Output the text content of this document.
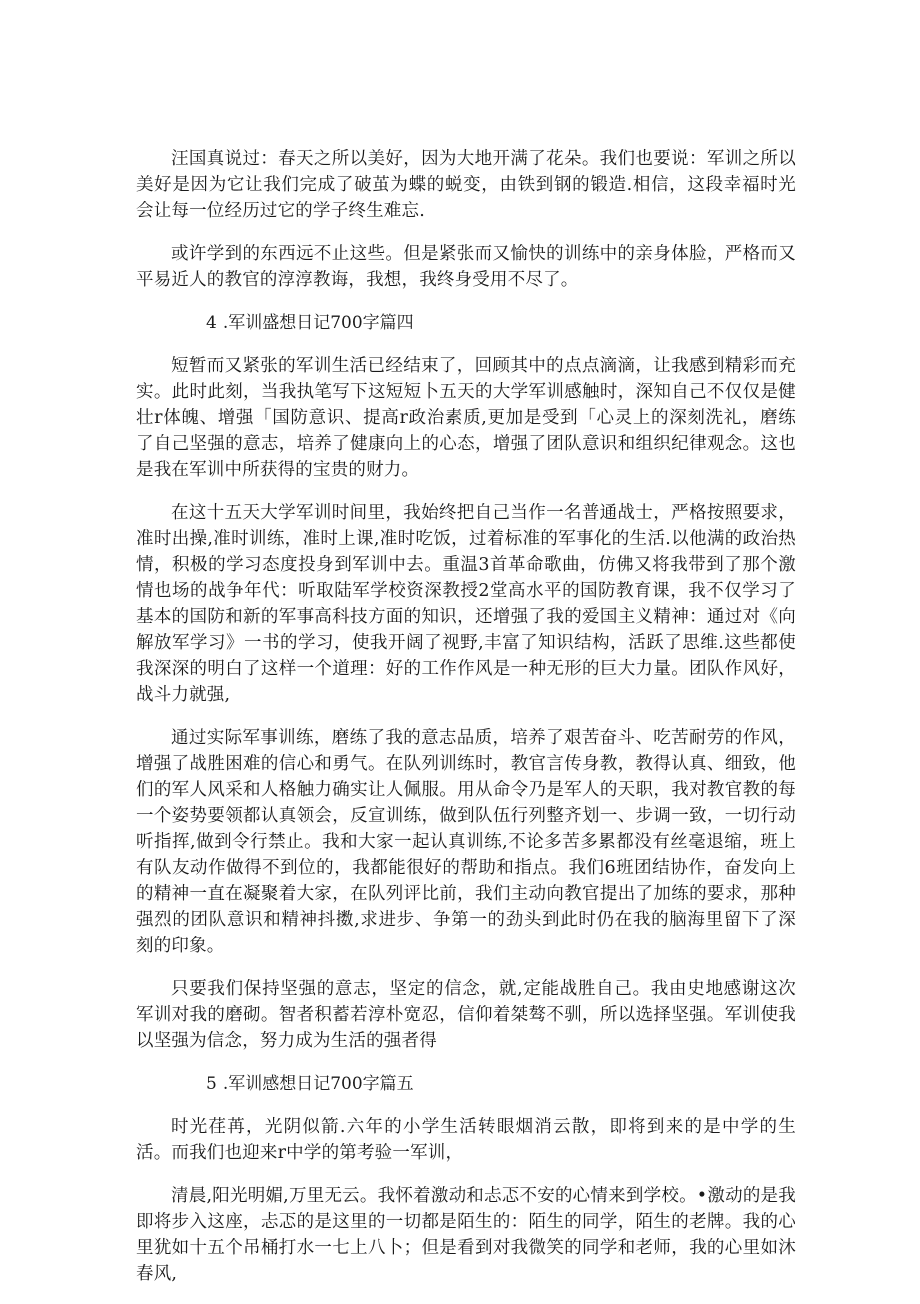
汪国真说过：春天之所以美好，因为大地开满了花朵。我们也要说：军训之所以美好是因为它让我们完成了破茧为蝶的蜕变，由铁到钢的锻造.相信，这段幸福时光会让每一位经历过它的学子终生难忘.

或许学到的东西远不止这些。但是紧张而又愉快的训练中的亲身体脸，严格而又平易近人的教官的淳淳教诲，我想，我终身受用不尽了。

4 .军训盛想日记700字篇四

短暂而又紧张的军训生活已经结束了，回顾其中的点点滴滴，让我感到精彩而充实。此时此刻，当我执笔写下这短短卜五天的大学军训感触时，深知自己不仅仅是健壮r体魄、增强「国防意识、提高r政治素质,更加是受到「心灵上的深刻洗礼，磨练了自己坚强的意志，培养了健康向上的心态，增强了团队意识和组织纪律观念。这也是我在军训中所获得的宝贵的财力。

在这十五天大学军训时间里，我始终把自己当作一名普通战士，严格按照要求，准时出操,准时训练，准时上课,准时吃饭，过着标准的军事化的生活.以他满的政治热情，积极的学习态度投身到军训中去。重温3首革命歌曲，仿佛又将我带到了那个激情也场的战争年代：听取陆军学校资深教授2堂高水平的国防教育课，我不仅学习了基本的国防和新的军事高科技方面的知识，还增强了我的爱国主义精神：通过对《向解放军学习》一书的学习，使我开阔了视野,丰富了知识结构，活跃了思维.这些都使我深深的明白了这样一个道理：好的工作作风是一种无形的巨大力量。团队作风好，战斗力就强,

通过实际军事训练，磨练了我的意志品质，培养了艰苦奋斗、吃苦耐劳的作风，增强了战胜困难的信心和勇气。在队列训练时，教官言传身教，教得认真、细致，他们的军人风采和人格触力确实让人佩服。用从命令乃是军人的天职，我对教官教的每一个姿势要领都认真领会，反宣训练，做到队伍行列整齐划一、步调一致，一切行动听指挥,做到令行禁止。我和大家一起认真训练,不论多苦多累都没有丝毫退缩，班上有队友动作做得不到位的，我都能很好的帮助和指点。我们6班团结协作，奋发向上的精神一直在凝聚着大家，在队列评比前，我们主动向教官提出了加练的要求，那种强烈的团队意识和精神抖擞,求进步、争第一的劲头到此时仍在我的脑海里留下了深刻的印象。

只要我们保持坚强的意志，坚定的信念，就,定能战胜自己。我由史地感谢这次军训对我的磨砌。智者积蓄若淳朴宽忍，信仰着桀骜不驯，所以选择坚强。军训使我以坚强为信念，努力成为生活的强者得

5 .军训感想日记700字篇五

时光荏苒，光阴似箭.六年的小学生活转眼烟消云散，即将到来的是中学的生活。而我们也迎来r中学的第考验一军训，

清晨,阳光明媚,万里无云。我怀着激动和忐忑不安的心情来到学校。•激动的是我即将步入这座，忐忑的是这里的一切都是陌生的：陌生的同学，陌生的老牌。我的心里犹如十五个吊桶打水一七上八卜；但是看到对我微笑的同学和老师，我的心里如沐春风,
